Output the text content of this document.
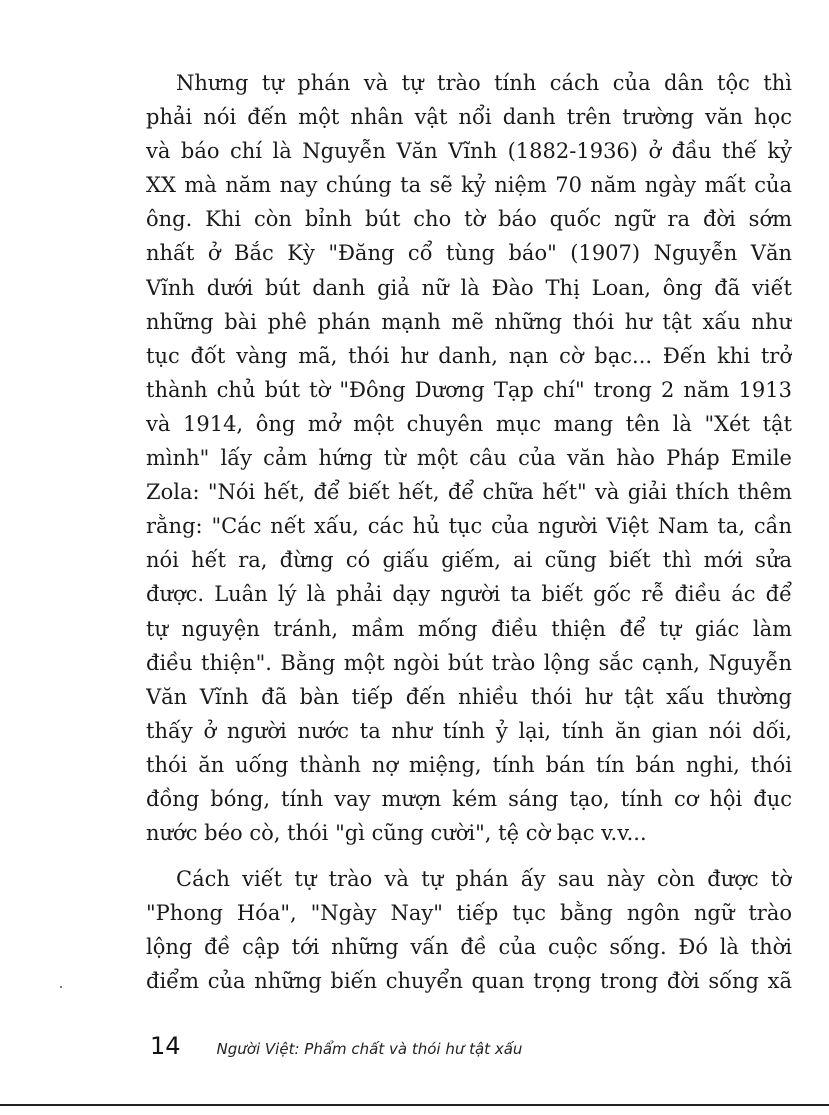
Nhưng tự phán và tự trào tính cách của dân tộc thì
phải nói đến một nhân vật nổi danh trên trường văn học
và báo chí là Nguyễn Văn Vĩnh (1882-1936) ở đầu thế kỷ
XX mà năm nay chúng ta sẽ kỷ niệm 70 năm ngày mất của
ông. Khi còn bỉnh bút cho tờ báo quốc ngữ ra đời sớm
nhất ở Bắc Kỳ "Đăng cổ tùng báo" (1907) Nguyễn Văn
Vĩnh dưới bút danh giả nữ là Đào Thị Loan, ông đã viết
những bài phê phán mạnh mẽ những thói hư tật xấu như
tục đốt vàng mã, thói hư danh, nạn cờ bạc... Đến khi trở
thành chủ bút tờ "Đông Dương Tạp chí" trong 2 năm 1913
và 1914, ông mở một chuyên mục mang tên là "Xét tật
mình" lấy cảm hứng từ một câu của văn hào Pháp Emile
Zola: "Nói hết, để biết hết, để chữa hết" và giải thích thêm
rằng: "Các nết xấu, các hủ tục của người Việt Nam ta, cần
nói hết ra, đừng có giấu giếm, ai cũng biết thì mới sửa
được. Luân lý là phải dạy người ta biết gốc rễ điều ác để
tự nguyện tránh, mầm mống điều thiện để tự giác làm
điều thiện". Bằng một ngòi bút trào lộng sắc cạnh, Nguyễn
Văn Vĩnh đã bàn tiếp đến nhiều thói hư tật xấu thường
thấy ở người nước ta như tính ỷ lại, tính ăn gian nói dối,
thói ăn uống thành nợ miệng, tính bán tín bán nghi, thói
đồng bóng, tính vay mượn kém sáng tạo, tính cơ hội đục
nước béo cò, thói "gì cũng cười", tệ cờ bạc v.v...

Cách viết tự trào và tự phán ấy sau này còn được tờ
"Phong Hóa", "Ngày Nay" tiếp tục bằng ngôn ngữ trào
lộng đề cập tới những vấn đề của cuộc sống. Đó là thời
điểm của những biến chuyển quan trọng trong đời sống xã

14 Người Việt: Phẩm chất và thói hư tật xấu
